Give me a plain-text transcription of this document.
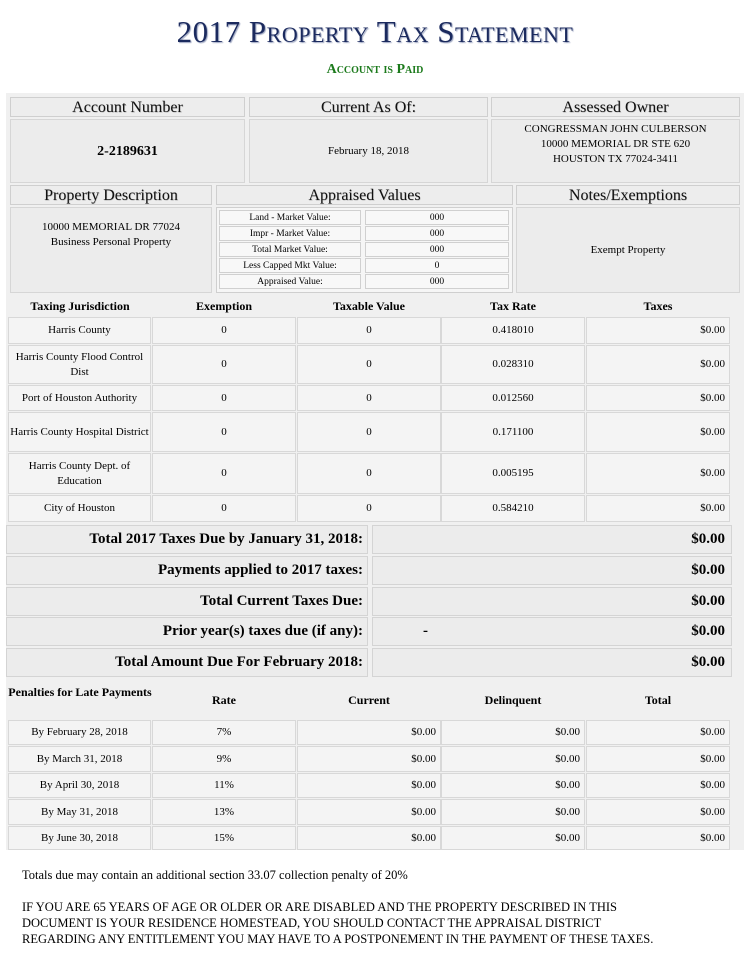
2017 Property Tax Statement
Account is Paid
Account Number	Current As Of:	Assessed Owner
2-2189631	February 18, 2018
CONGRESSMAN JOHN CULBERSON
10000 MEMORIAL DR STE 620
HOUSTON TX 77024-3411
Property Description	Appraised Values	Notes/Exemptions
10000 MEMORIAL DR 77024
Business Personal Property
Land - Market Value:	000
Impr - Market Value:	000
Total Market Value:	000
Less Capped Mkt Value:	0
Appraised Value:	000
Exempt Property
Taxing Jurisdiction	Exemption	Taxable Value	Tax Rate	Taxes
Harris County	0	0	0.418010	$0.00
Harris County Flood Control Dist
0	0	0.028310	$0.00
Port of Houston Authority	0	0	0.012560	$0.00
Harris County Hospital District	0	0	0.171100	$0.00
Harris County Dept. of Education
0	0	0.005195	$0.00
City of Houston	0	0	0.584210	$0.00
Total 2017 Taxes Due by January 31, 2018:	$0.00
Payments applied to 2017 taxes:	$0.00
Total Current Taxes Due:	$0.00
Prior year(s) taxes due (if any):	-	$0.00
Total Amount Due For February 2018:	$0.00
Penalties for Late Payments
Rate	Current	Delinquent	Total
By February 28, 2018	7%	$0.00	$0.00	$0.00
By March 31, 2018	9%	$0.00	$0.00	$0.00
By April 30, 2018	11%	$0.00	$0.00	$0.00
By May 31, 2018	13%	$0.00	$0.00	$0.00
By June 30, 2018	15%	$0.00	$0.00	$0.00
Totals due may contain an additional section 33.07 collection penalty of 20%
IF YOU ARE 65 YEARS OF AGE OR OLDER OR ARE DISABLED AND THE PROPERTY DESCRIBED IN THIS
DOCUMENT IS YOUR RESIDENCE HOMESTEAD, YOU SHOULD CONTACT THE APPRAISAL DISTRICT
REGARDING ANY ENTITLEMENT YOU MAY HAVE TO A POSTPONEMENT IN THE PAYMENT OF THESE TAXES.
